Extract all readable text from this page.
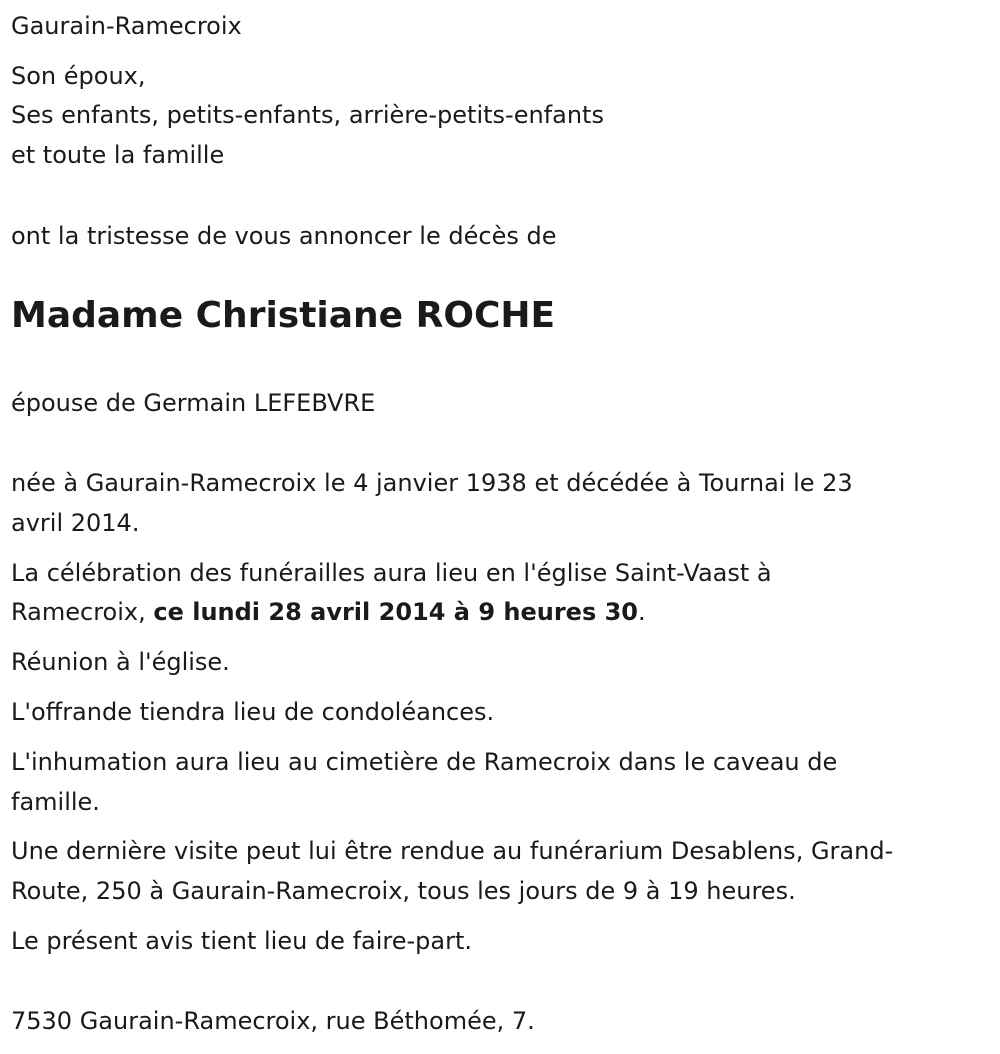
Gaurain-Ramecroix
Son époux,
Ses enfants, petits-enfants, arrière-petits-enfants
et toute la famille
ont la tristesse de vous annoncer le décès de
Madame Christiane ROCHE
épouse de Germain LEFEBVRE
née à Gaurain-Ramecroix le 4 janvier 1938 et décédée à Tournai le 23
avril 2014.
La célébration des funérailles aura lieu en l'église Saint-Vaast à
Ramecroix, ce lundi 28 avril 2014 à 9 heures 30.
Réunion à l'église.
L'offrande tiendra lieu de condoléances.
L'inhumation aura lieu au cimetière de Ramecroix dans le caveau de
famille.
Une dernière visite peut lui être rendue au funérarium Desablens, Grand-
Route, 250 à Gaurain-Ramecroix, tous les jours de 9 à 19 heures.
Le présent avis tient lieu de faire-part.
7530 Gaurain-Ramecroix, rue Béthomée, 7.
